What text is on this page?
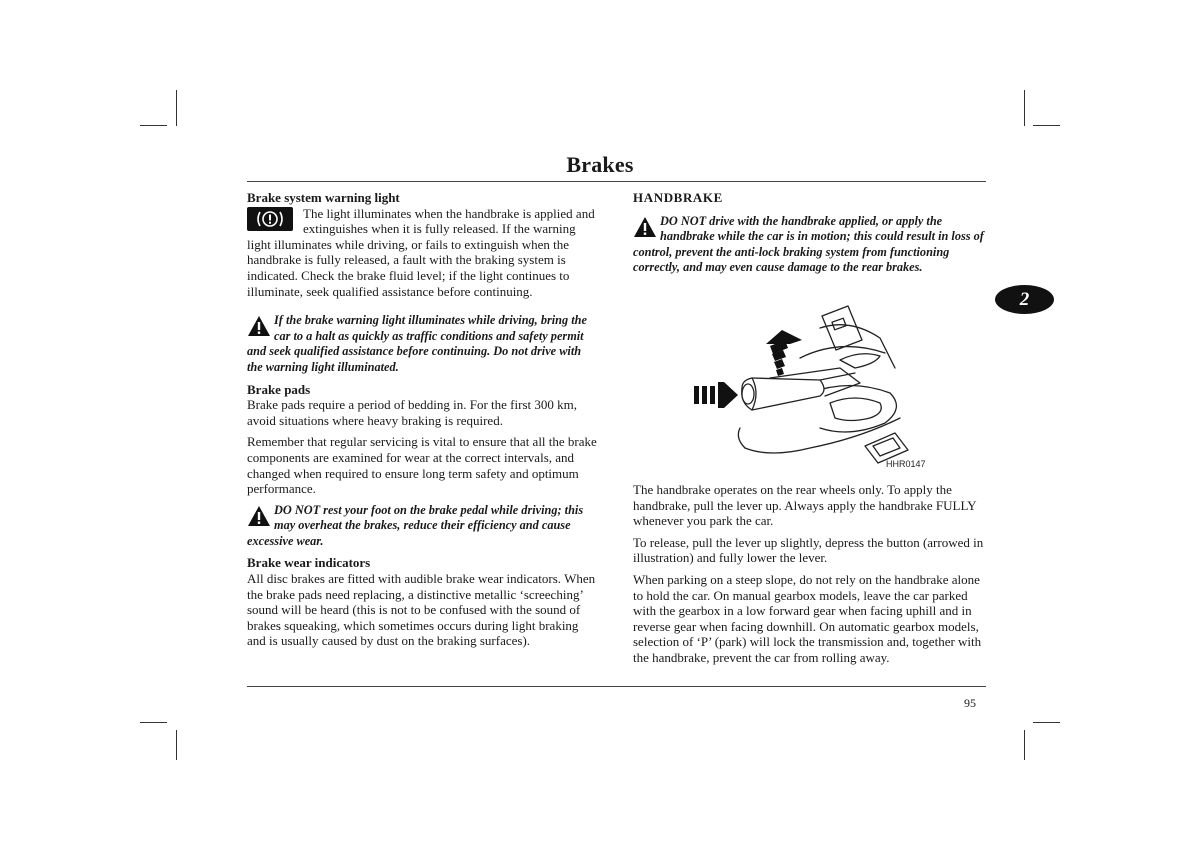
Brakes
2
Brake system warning light

The light illuminates when the handbrake is applied and extinguishes when it is fully released. If the warning light illuminates while driving, or fails to extinguish when the handbrake is fully released, a fault with the braking system is indicated. Check the brake fluid level; if the light continues to illuminate, seek qualified assistance before continuing.

If the brake warning light illuminates while driving, bring the car to a halt as quickly as traffic conditions and safety permit and seek qualified assistance before continuing. Do not drive with the warning light illuminated.

Brake pads

Brake pads require a period of bedding in. For the first 300 km, avoid situations where heavy braking is required.

Remember that regular servicing is vital to ensure that all the brake components are examined for wear at the correct intervals, and changed when required to ensure long term safety and optimum performance.

DO NOT rest your foot on the brake pedal while driving; this may overheat the brakes, reduce their efficiency and cause excessive wear.

Brake wear indicators

All disc brakes are fitted with audible brake wear indicators. When the brake pads need replacing, a distinctive metallic ‘screeching’ sound will be heard (this is not to be confused with the sound of brakes squeaking, which sometimes occurs during light braking and is usually caused by dust on the braking surfaces).

HANDBRAKE

DO NOT drive with the handbrake applied, or apply the handbrake while the car is in motion; this could result in loss of control, prevent the anti-lock braking system from functioning correctly, and may even cause damage to the rear brakes.

The handbrake operates on the rear wheels only. To apply the handbrake, pull the lever up. Always apply the handbrake FULLY whenever you park the car.

To release, pull the lever up slightly, depress the button (arrowed in illustration) and fully lower the lever.

When parking on a steep slope, do not rely on the handbrake alone to hold the car. On manual gearbox models, leave the car parked with the gearbox in a low forward gear when facing uphill and in reverse gear when facing downhill. On automatic gearbox models, selection of ‘P’ (park) will lock the transmission and, together with the handbrake, prevent the car from rolling away.

HHR0147
95
